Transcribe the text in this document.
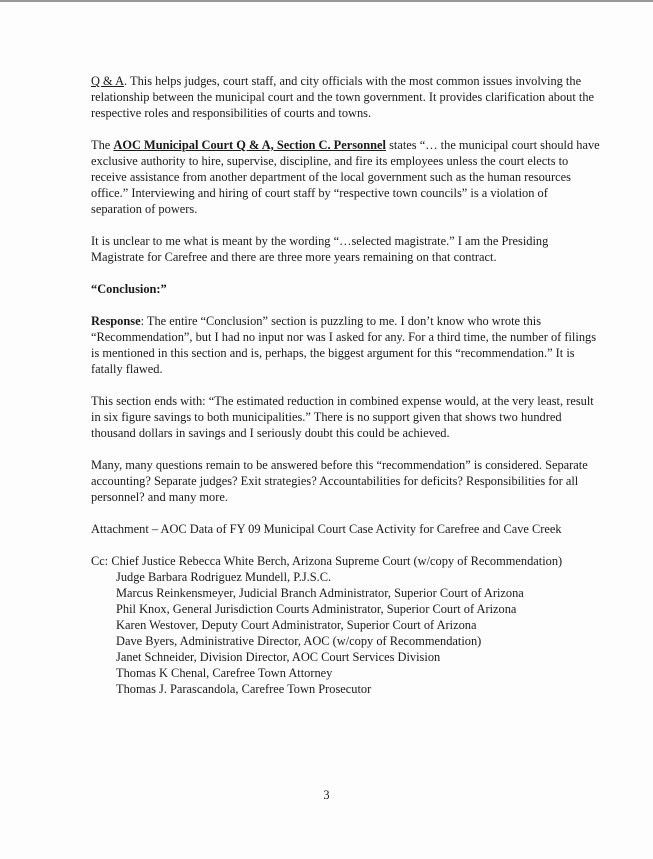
Q & A. This helps judges, court staff, and city officials with the most common issues involving the relationship between the municipal court and the town government. It provides clarification about the respective roles and responsibilities of courts and towns.

The AOC Municipal Court Q & A, Section C. Personnel states “… the municipal court should have exclusive authority to hire, supervise, discipline, and fire its employees unless the court elects to receive assistance from another department of the local government such as the human resources office.” Interviewing and hiring of court staff by “respective town councils” is a violation of separation of powers.

It is unclear to me what is meant by the wording “…selected magistrate.” I am the Presiding Magistrate for Carefree and there are three more years remaining on that contract.

“Conclusion:”

Response: The entire “Conclusion” section is puzzling to me. I don’t know who wrote this “Recommendation”, but I had no input nor was I asked for any. For a third time, the number of filings is mentioned in this section and is, perhaps, the biggest argument for this “recommendation.” It is fatally flawed.

This section ends with: “The estimated reduction in combined expense would, at the very least, result in six figure savings to both municipalities.” There is no support given that shows two hundred thousand dollars in savings and I seriously doubt this could be achieved.

Many, many questions remain to be answered before this “recommendation” is considered. Separate accounting? Separate judges? Exit strategies? Accountabilities for deficits? Responsibilities for all personnel? and many more.

Attachment – AOC Data of FY 09 Municipal Court Case Activity for Carefree and Cave Creek

Cc: Chief Justice Rebecca White Berch, Arizona Supreme Court (w/copy of Recommendation)
Judge Barbara Rodriguez Mundell, P.J.S.C.
Marcus Reinkensmeyer, Judicial Branch Administrator, Superior Court of Arizona
Phil Knox, General Jurisdiction Courts Administrator, Superior Court of Arizona
Karen Westover, Deputy Court Administrator, Superior Court of Arizona
Dave Byers, Administrative Director, AOC (w/copy of Recommendation)
Janet Schneider, Division Director, AOC Court Services Division
Thomas K Chenal, Carefree Town Attorney
Thomas J. Parascandola, Carefree Town Prosecutor
3
